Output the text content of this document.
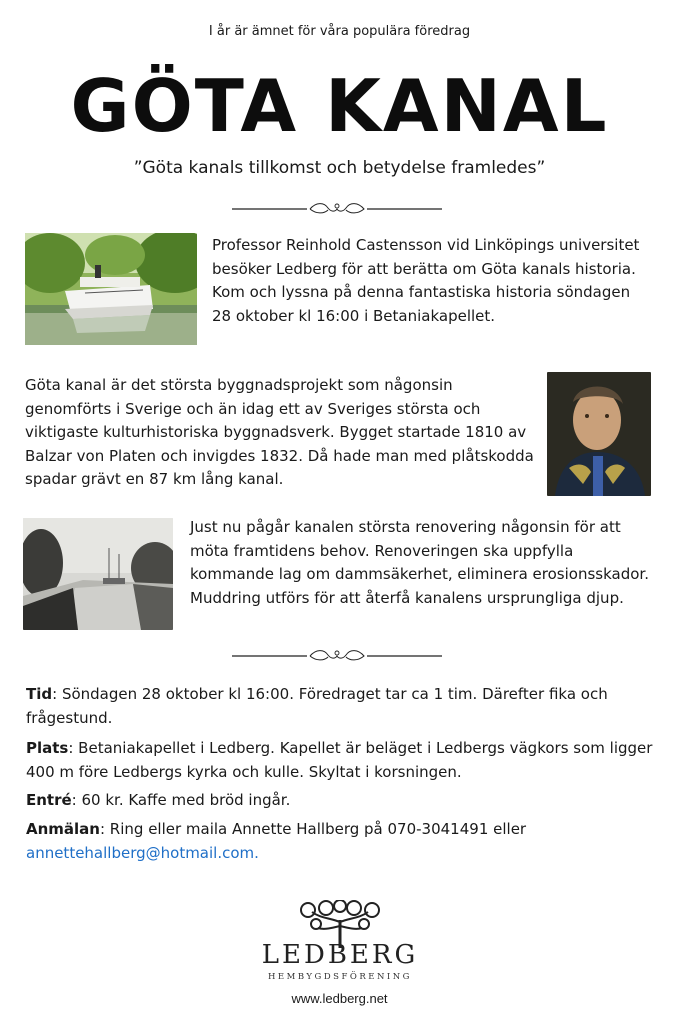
I år är ämnet för våra populära föredrag
GÖTA KANAL
”Göta kanals tillkomst och betydelse framledes”
Professor Reinhold Castensson vid Linköpings universitet besöker Ledberg för att berätta om Göta kanals historia. Kom och lyssna på denna fantastiska historia söndagen 28 oktober kl 16:00 i Betaniakapellet.
Göta kanal är det största byggnadsprojekt som någonsin genomförts i Sverige och än idag ett av Sveriges största och viktigaste kulturhistoriska byggnadsverk. Bygget startade 1810 av Balzar von Platen och invigdes 1832. Då hade man med plåtskodda spadar grävt en 87 km lång kanal.
Just nu pågår kanalen största renovering någonsin för att möta framtidens behov. Renoveringen ska uppfylla kommande lag om dammsäkerhet, eliminera erosionsskador. Muddring utförs för att återfå kanalens ursprungliga djup.
Tid: Söndagen 28 oktober kl 16:00. Föredraget tar ca 1 tim. Därefter fika och frågestund.
Plats: Betaniakapellet i Ledberg. Kapellet är beläget i Ledbergs vägkors som ligger 400 m före Ledbergs kyrka och kulle. Skyltat i korsningen.
Entré: 60 kr. Kaffe med bröd ingår.
Anmälan: Ring eller maila Annette Hallberg på 070-3041491 eller
annettehallberg@hotmail.com.
LEDBERG
HEMBYGDSFÖRENING
www.ledberg.net
